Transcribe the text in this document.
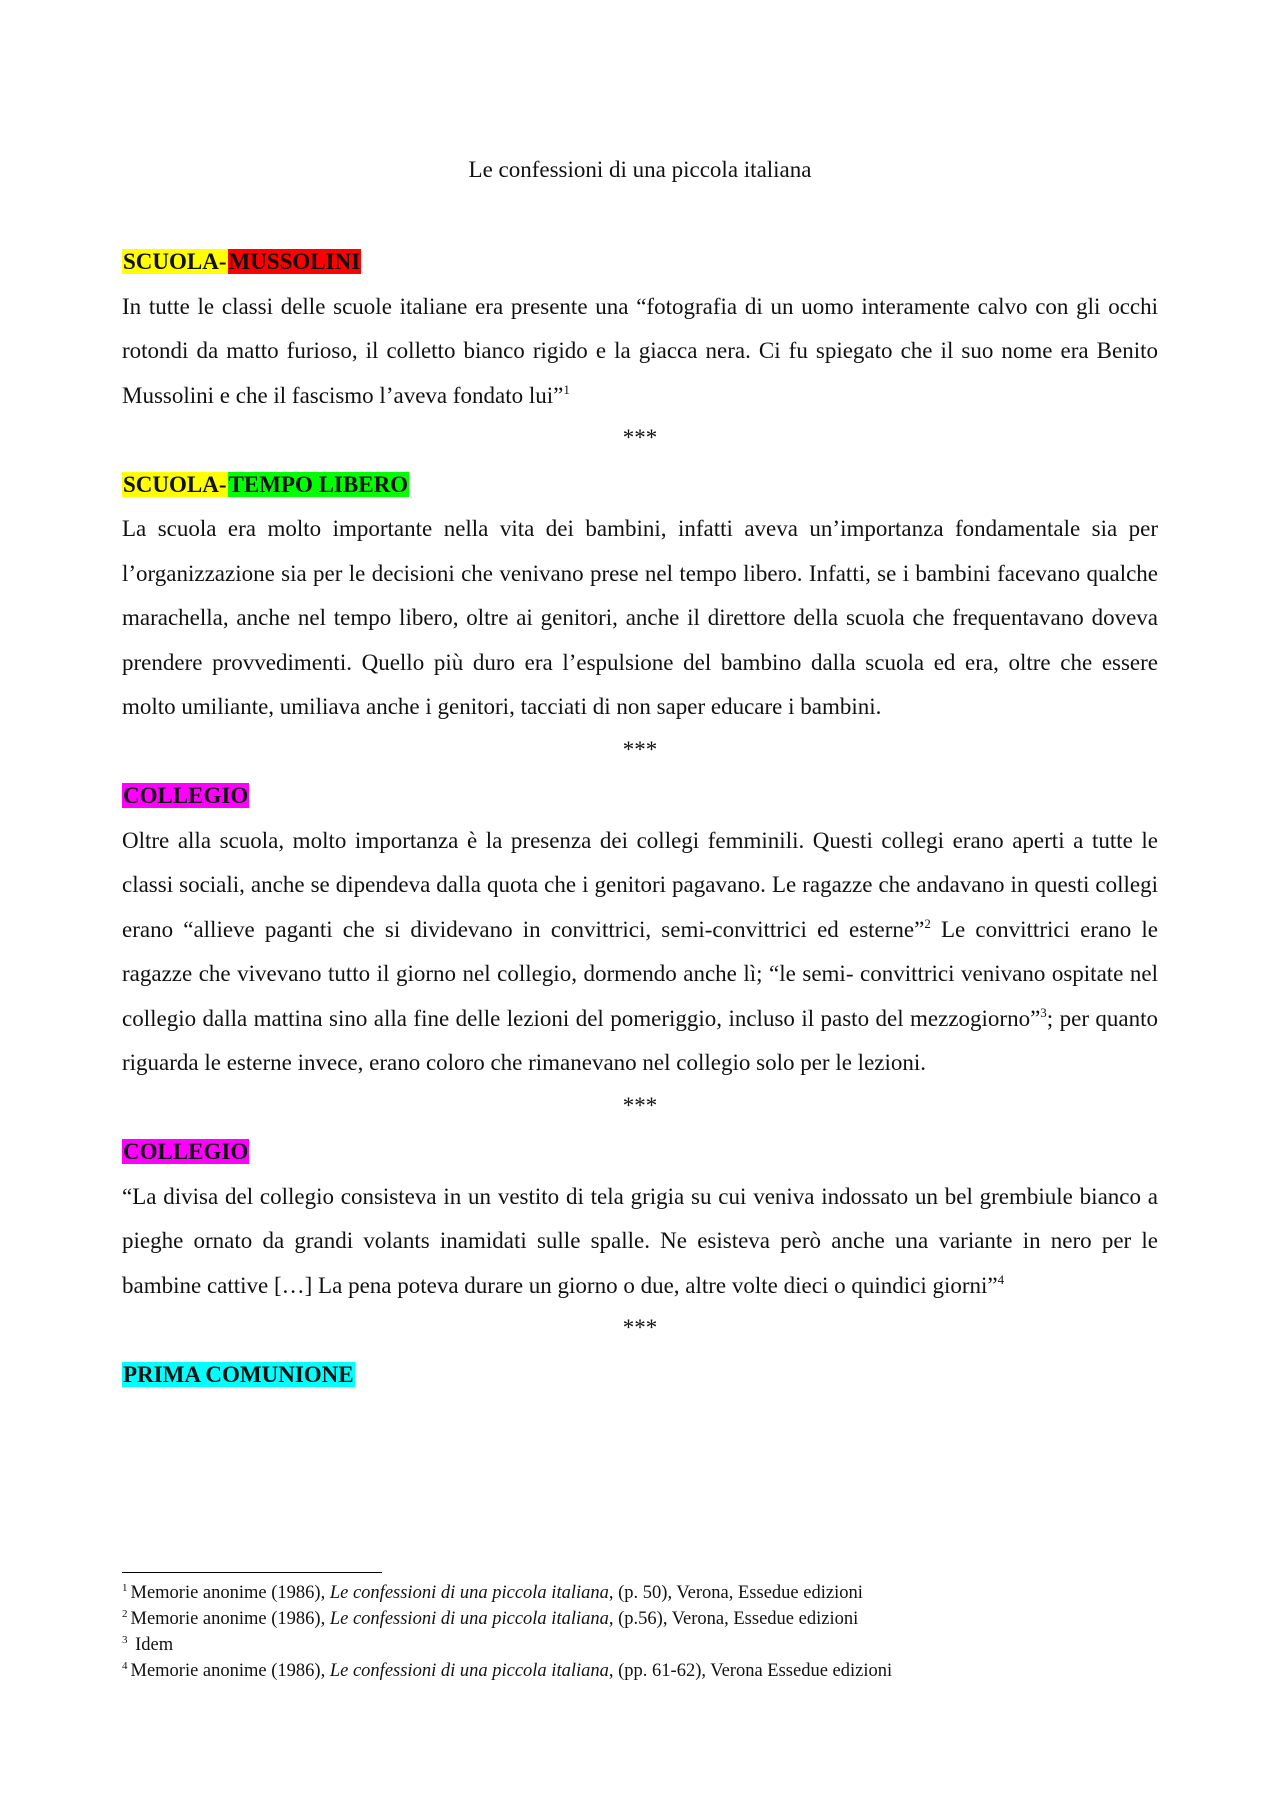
Le confessioni di una piccola italiana

SCUOLA-MUSSOLINI

In tutte le classi delle scuole italiane era presente una “fotografia di un uomo interamente calvo con gli occhi rotondi da matto furioso, il colletto bianco rigido e la giacca nera. Ci fu spiegato che il suo nome era Benito Mussolini e che il fascismo l’aveva fondato lui”$^1$

***

SCUOLA-TEMPO LIBERO

La scuola era molto importante nella vita dei bambini, infatti aveva un’importanza fondamentale sia per l’organizzazione sia per le decisioni che venivano prese nel tempo libero. Infatti, se i bambini facevano qualche marachella, anche nel tempo libero, oltre ai genitori, anche il direttore della scuola che frequentavano doveva prendere provvedimenti. Quello più duro era l’espulsione del bambino dalla scuola ed era, oltre che essere molto umiliante, umiliava anche i genitori, tacciati di non saper educare i bambini.

***

COLLEGIO

Oltre alla scuola, molto importanza è la presenza dei collegi femminili. Questi collegi erano aperti a tutte le classi sociali, anche se dipendeva dalla quota che i genitori pagavano. Le ragazze che andavano in questi collegi erano “allieve paganti che si dividevano in convittrici, semi-convittrici ed esterne”$^2$ Le convittrici erano le ragazze che vivevano tutto il giorno nel collegio, dormendo anche lì; “le semi- convittrici venivano ospitate nel collegio dalla mattina sino alla fine delle lezioni del pomeriggio, incluso il pasto del mezzogiorno”$^3$; per quanto riguarda le esterne invece, erano coloro che rimanevano nel collegio solo per le lezioni.

***

COLLEGIO

“La divisa del collegio consisteva in un vestito di tela grigia su cui veniva indossato un bel grembiule bianco a pieghe ornato da grandi volants inamidati sulle spalle. Ne esisteva però anche una variante in nero per le bambine cattive […] La pena poteva durare un giorno o due, altre volte dieci o quindici giorni”$^4$

***

PRIMA COMUNIONE

$^1$ Memorie anonime (1986), Le confessioni di una piccola italiana, (p. 50), Verona, Essedue edizioni

$^2$ Memorie anonime (1986), Le confessioni di una piccola italiana, (p.56), Verona, Essedue edizioni

$^3$ Idem

$^4$ Memorie anonime (1986), Le confessioni di una piccola italiana, (pp. 61-62), Verona Essedue edizioni
